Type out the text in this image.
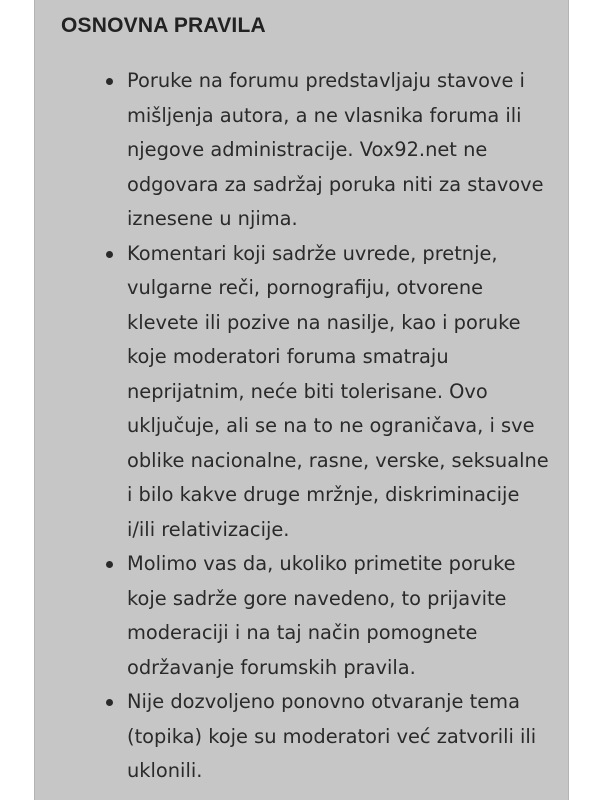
OSNOVNA PRAVILA
Poruke na forumu predstavljaju stavove i mišljenja autora, a ne vlasnika foruma ili njegove administracije. Vox92.net ne odgovara za sadržaj poruka niti za stavove iznesene u njima.
Komentari koji sadrže uvrede, pretnje, vulgarne reči, pornografiju, otvorene klevete ili pozive na nasilje, kao i poruke koje moderatori foruma smatraju neprijatnim, neće biti tolerisane. Ovo uključuje, ali se na to ne ograničava, i sve oblike nacionalne, rasne, verske, seksualne i bilo kakve druge mržnje, diskriminacije i/ili relativizacije.
Molimo vas da, ukoliko primetite poruke koje sadrže gore navedeno, to prijavite moderaciji i na taj način pomognete održavanje forumskih pravila.
Nije dozvoljeno ponovno otvaranje tema (topika) koje su moderatori već zatvorili ili uklonili.
